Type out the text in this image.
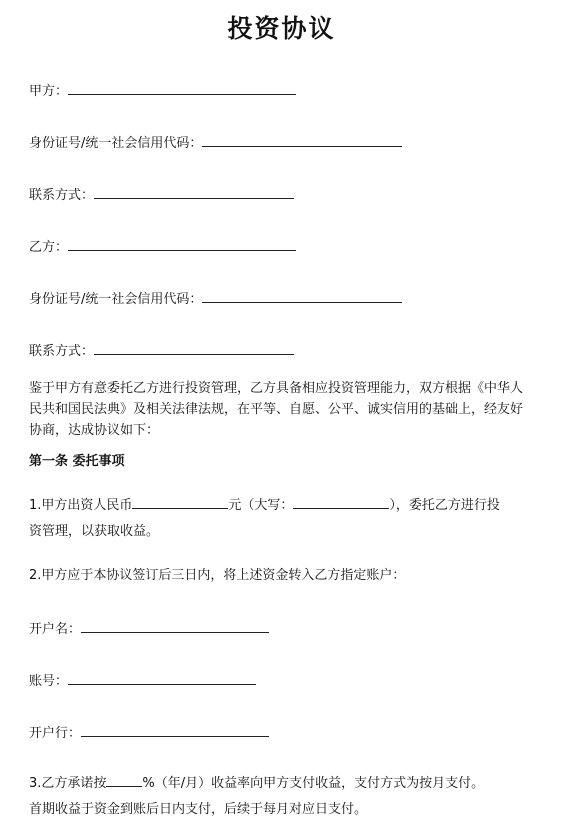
投资协议
甲方：
身份证号/统一社会信用代码：
联系方式：
乙方：
身份证号/统一社会信用代码：
联系方式：
鉴于甲方有意委托乙方进行投资管理，乙方具备相应投资管理能力，双方根据《中华人民共和国民法典》及相关法律法规，在平等、自愿、公平、诚实信用的基础上，经友好协商，达成协议如下：
第一条 委托事项
1.甲方出资人民币	元（大写：	），委托乙方进行投
资管理，以获取收益。
2.甲方应于本协议签订后三日内，将上述资金转入乙方指定账户：
开户名：
账号：
开户行：
3.乙方承诺按	%（年/月）收益率向甲方支付收益，支付方式为按月支付。
首期收益于资金到账后日内支付，后续于每月对应日支付。
